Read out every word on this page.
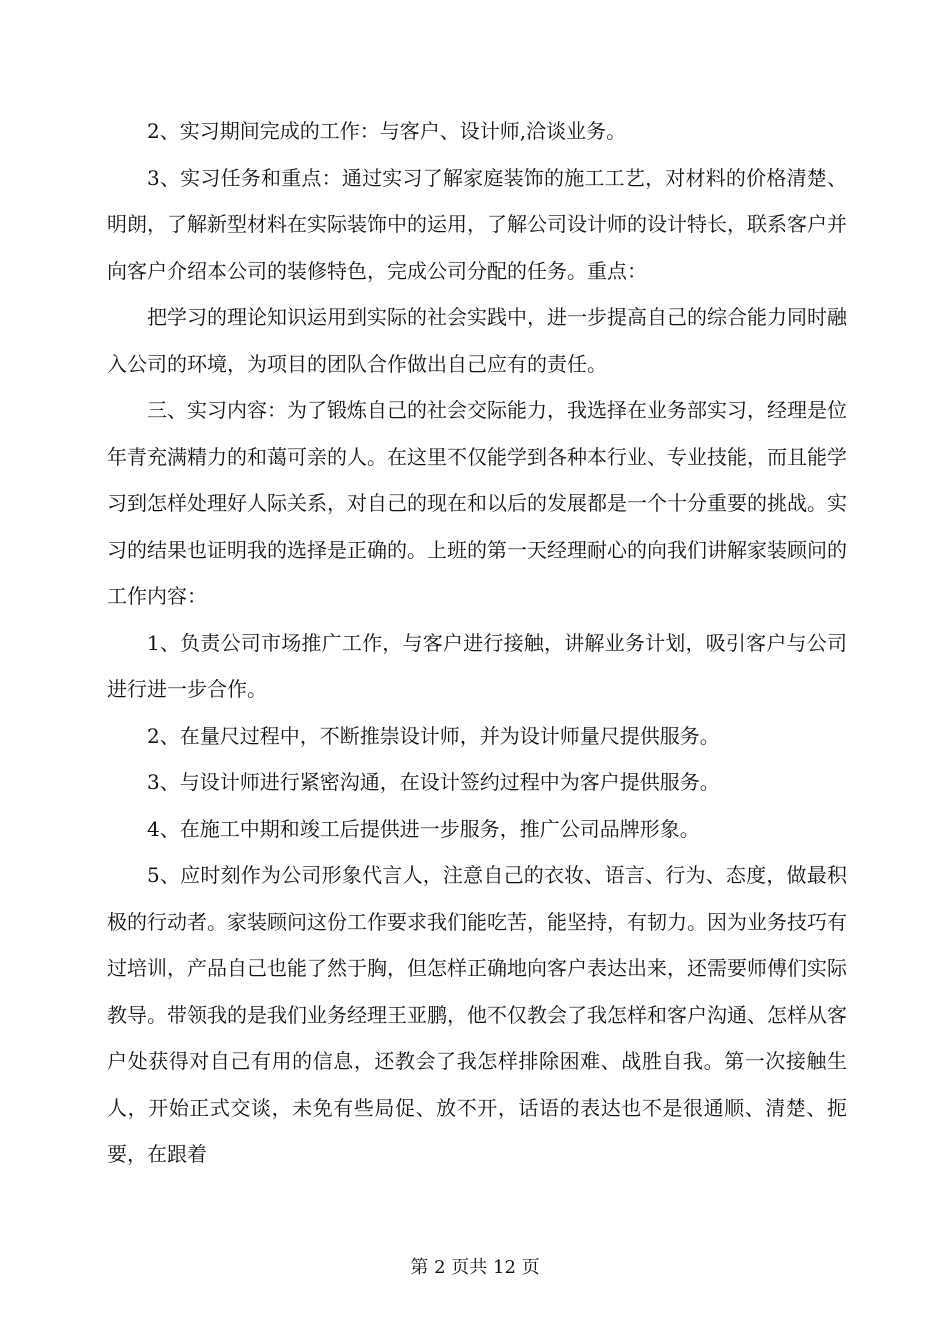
2、实习期间完成的工作：与客户、设计师,洽谈业务。

3、实习任务和重点：通过实习了解家庭装饰的施工工艺，对材料的价格清楚、明朗，了解新型材料在实际装饰中的运用，了解公司设计师的设计特长，联系客户并向客户介绍本公司的装修特色，完成公司分配的任务。重点：

把学习的理论知识运用到实际的社会实践中，进一步提高自己的综合能力同时融入公司的环境，为项目的团队合作做出自己应有的责任。

三、实习内容：为了锻炼自己的社会交际能力，我选择在业务部实习，经理是位年青充满精力的和蔼可亲的人。在这里不仅能学到各种本行业、专业技能，而且能学习到怎样处理好人际关系，对自己的现在和以后的发展都是一个十分重要的挑战。实习的结果也证明我的选择是正确的。上班的第一天经理耐心的向我们讲解家装顾问的工作内容：

1、负责公司市场推广工作，与客户进行接触，讲解业务计划，吸引客户与公司进行进一步合作。

2、在量尺过程中，不断推崇设计师，并为设计师量尺提供服务。

3、与设计师进行紧密沟通，在设计签约过程中为客户提供服务。

4、在施工中期和竣工后提供进一步服务，推广公司品牌形象。

5、应时刻作为公司形象代言人，注意自己的衣妆、语言、行为、态度，做最积极的行动者。家装顾问这份工作要求我们能吃苦，能坚持，有韧力。因为业务技巧有过培训，产品自己也能了然于胸，但怎样正确地向客户表达出来，还需要师傅们实际教导。带领我的是我们业务经理王亚鹏，他不仅教会了我怎样和客户沟通、怎样从客户处获得对自己有用的信息，还教会了我怎样排除困难、战胜自我。第一次接触生人，开始正式交谈，未免有些局促、放不开，话语的表达也不是很通顺、清楚、扼要，在跟着

第 2 页共 12 页
